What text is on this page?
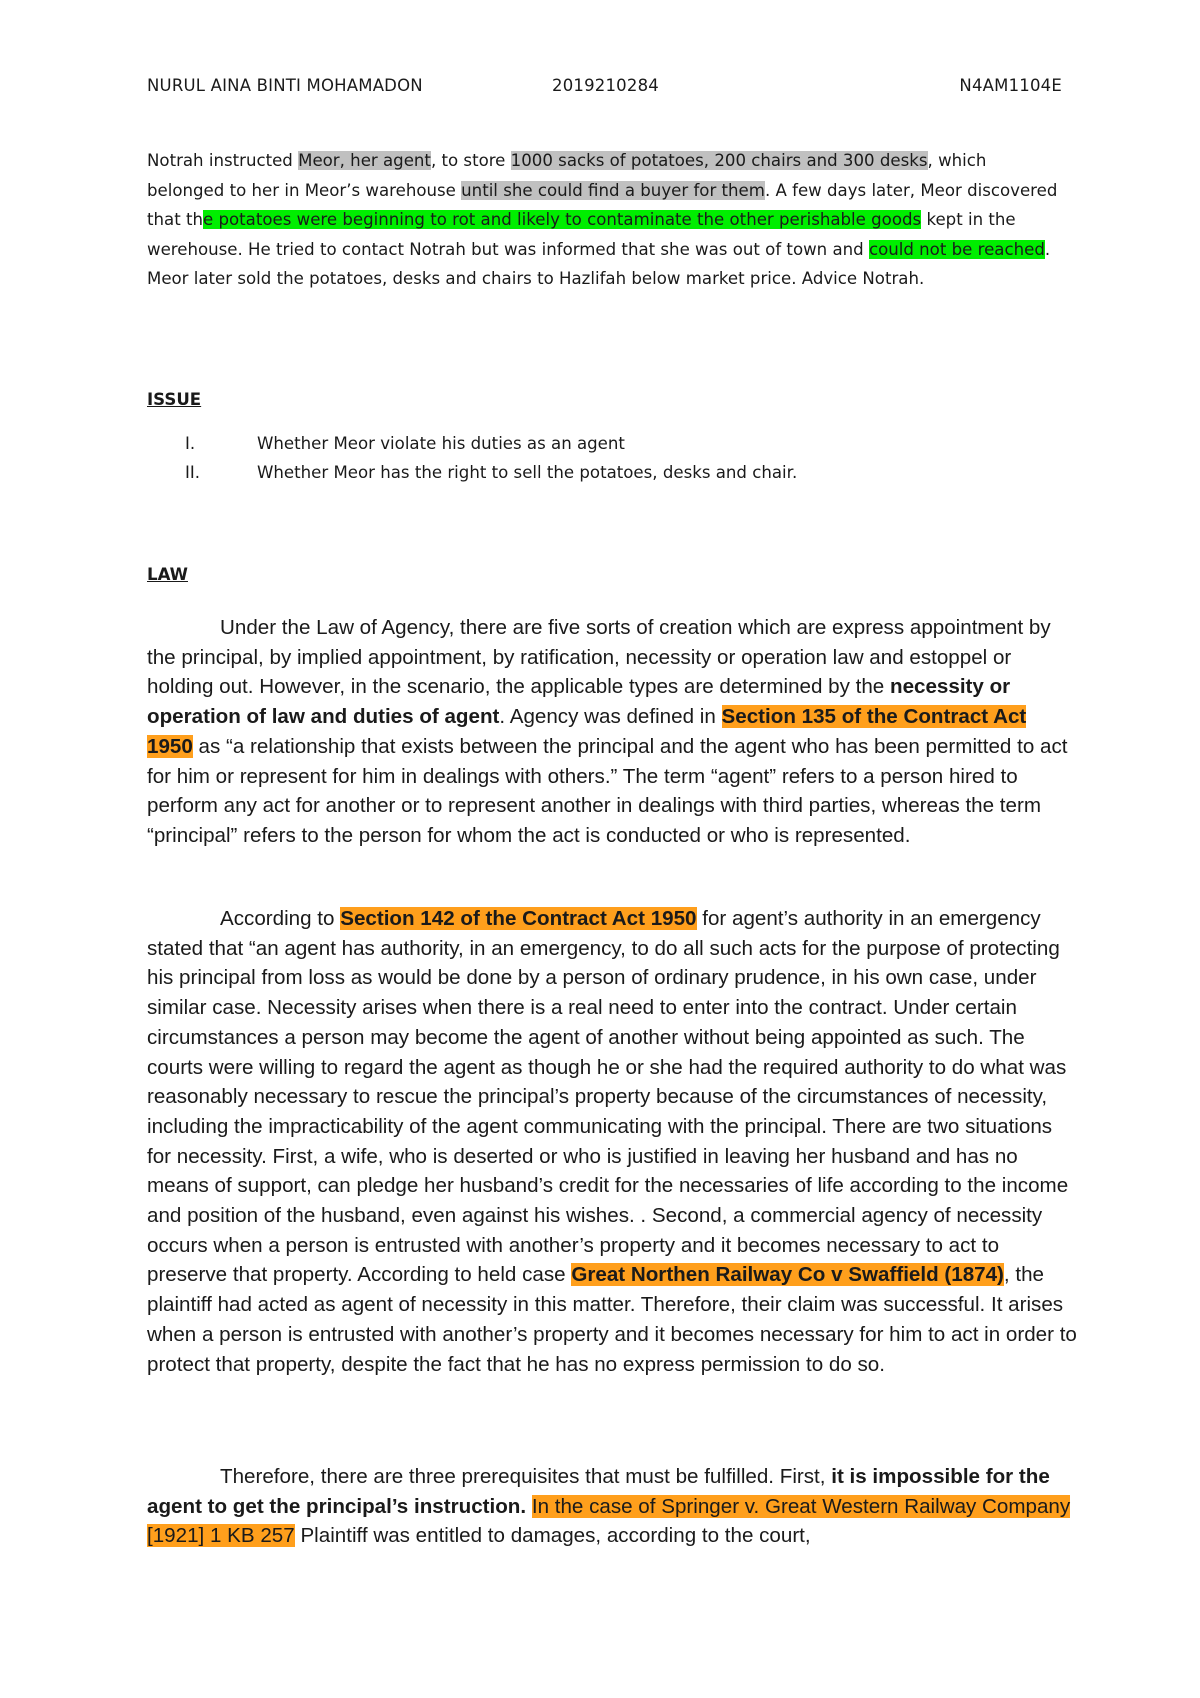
NURUL AINA BINTI MOHAMADON	2019210284	N4AM1104E
Notrah instructed Meor, her agent, to store 1000 sacks of potatoes, 200 chairs and 300 desks, which belonged to her in Meor’s warehouse until she could find a buyer for them. A few days later, Meor discovered that the potatoes were beginning to rot and likely to contaminate the other perishable goods kept in the werehouse. He tried to contact Notrah but was informed that she was out of town and could not be reached. Meor later sold the potatoes, desks and chairs to Hazlifah below market price. Advice Notrah.
ISSUE
I.	Whether Meor violate his duties as an agent
II.	Whether Meor has the right to sell the potatoes, desks and chair.
LAW

Under the Law of Agency, there are five sorts of creation which are express appointment by the principal, by implied appointment, by ratification, necessity or operation law and estoppel or holding out. However, in the scenario, the applicable types are determined by the necessity or operation of law and duties of agent. Agency was defined in Section 135 of the Contract Act 1950 as “a relationship that exists between the principal and the agent who has been permitted to act for him or represent for him in dealings with others.” The term “agent” refers to a person hired to perform any act for another or to represent another in dealings with third parties, whereas the term “principal” refers to the person for whom the act is conducted or who is represented.

According to Section 142 of the Contract Act 1950 for agent’s authority in an emergency stated that “an agent has authority, in an emergency, to do all such acts for the purpose of protecting his principal from loss as would be done by a person of ordinary prudence, in his own case, under similar case. Necessity arises when there is a real need to enter into the contract. Under certain circumstances a person may become the agent of another without being appointed as such. The courts were willing to regard the agent as though he or she had the required authority to do what was reasonably necessary to rescue the principal’s property because of the circumstances of necessity, including the impracticability of the agent communicating with the principal. There are two situations for necessity. First, a wife, who is deserted or who is justified in leaving her husband and has no means of support, can pledge her husband’s credit for the necessaries of life according to the income and position of the husband, even against his wishes. . Second, a commercial agency of necessity occurs when a person is entrusted with another’s property and it becomes necessary to act to preserve that property. According to held case Great Northen Railway Co v Swaffield (1874), the plaintiff had acted as agent of necessity in this matter. Therefore, their claim was successful. It arises when a person is entrusted with another’s property and it becomes necessary for him to act in order to protect that property, despite the fact that he has no express permission to do so.

Therefore, there are three prerequisites that must be fulfilled. First, it is impossible for the agent to get the principal’s instruction. In the case of Springer v. Great Western Railway Company [1921] 1 KB 257 Plaintiff was entitled to damages, according to the court,
